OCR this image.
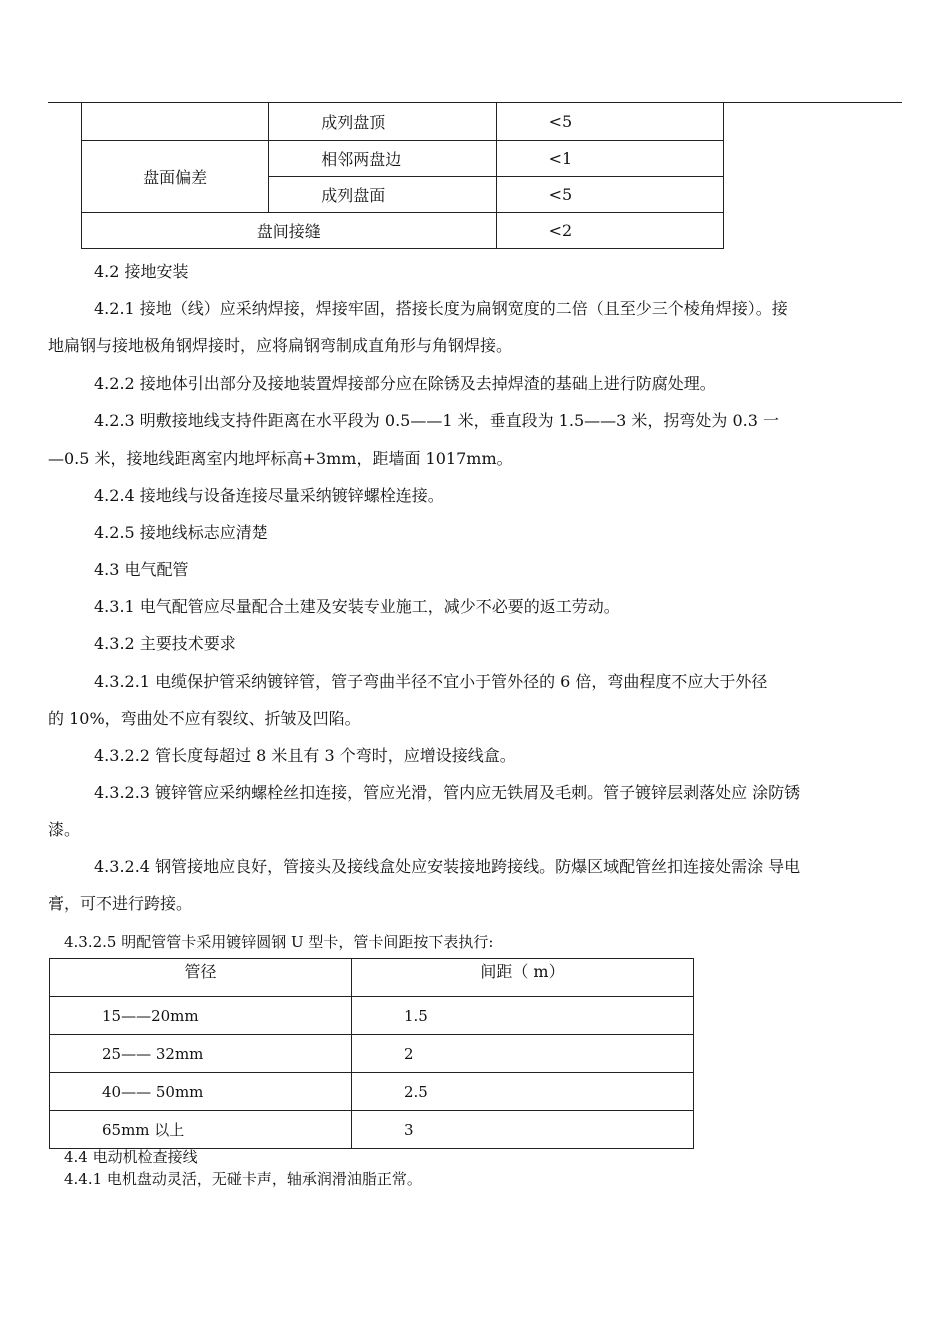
	成列盘顶	<5
盘面偏差	相邻两盘边	<1
	成列盘面	<5
盘间接缝		<2
4.2 接地安装
4.2.1 接地（线）应采纳焊接，焊接牢固，搭接长度为扁钢宽度的二倍（且至少三个棱角焊接）。接
地扁钢与接地极角钢焊接时，应将扁钢弯制成直角形与角钢焊接。
4.2.2 接地体引出部分及接地装置焊接部分应在除锈及去掉焊渣的基础上进行防腐处理。
4.2.3 明敷接地线支持件距离在水平段为 0.5——1 米，垂直段为 1.5——3 米，拐弯处为 0.3 一
—0.5 米，接地线距离室内地坪标高+3mm，距墙面 1017mm。
4.2.4 接地线与设备连接尽量采纳镀锌螺栓连接。
4.2.5 接地线标志应清楚
4.3 电气配管
4.3.1 电气配管应尽量配合土建及安装专业施工，减少不必要的返工劳动。
4.3.2 主要技术要求
4.3.2.1 电缆保护管采纳镀锌管，管子弯曲半径不宜小于管外径的 6 倍，弯曲程度不应大于外径
的 10%，弯曲处不应有裂纹、折皱及凹陷。
4.3.2.2 管长度每超过 8 米且有 3 个弯时，应增设接线盒。
4.3.2.3 镀锌管应采纳螺栓丝扣连接，管应光滑，管内应无铁屑及毛刺。管子镀锌层剥落处应 涂防锈
漆。
4.3.2.4 钢管接地应良好，管接头及接线盒处应安装接地跨接线。防爆区域配管丝扣连接处需涂 导电
膏，可不进行跨接。
4.3.2.5 明配管管卡采用镀锌圆钢 U 型卡，管卡间距按下表执行:
管径	间距（ m）
15——20mm	1.5
25—— 32mm	2
40—— 50mm	2.5
65mm 以上	3
4.4 电动机检查接线
4.4.1 电机盘动灵活，无碰卡声，轴承润滑油脂正常。
